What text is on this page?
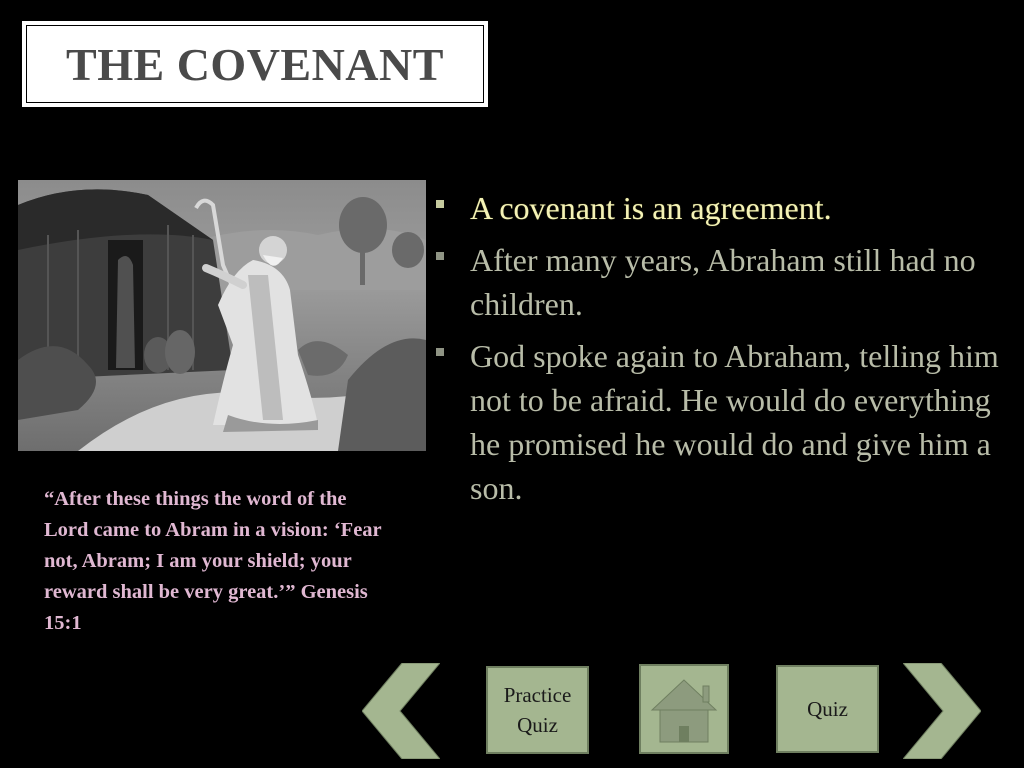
THE COVENANT
A covenant is an agreement.
After many years, Abraham still had no children.
God spoke again to Abraham, telling him not to be afraid. He would do everything he promised he would do and give him a son.
“After these things the word of the Lord came to Abram in a vision: ‘Fear not, Abram; I am your shield; your reward shall be very great.’” Genesis 15:1
Practice Quiz
Quiz
